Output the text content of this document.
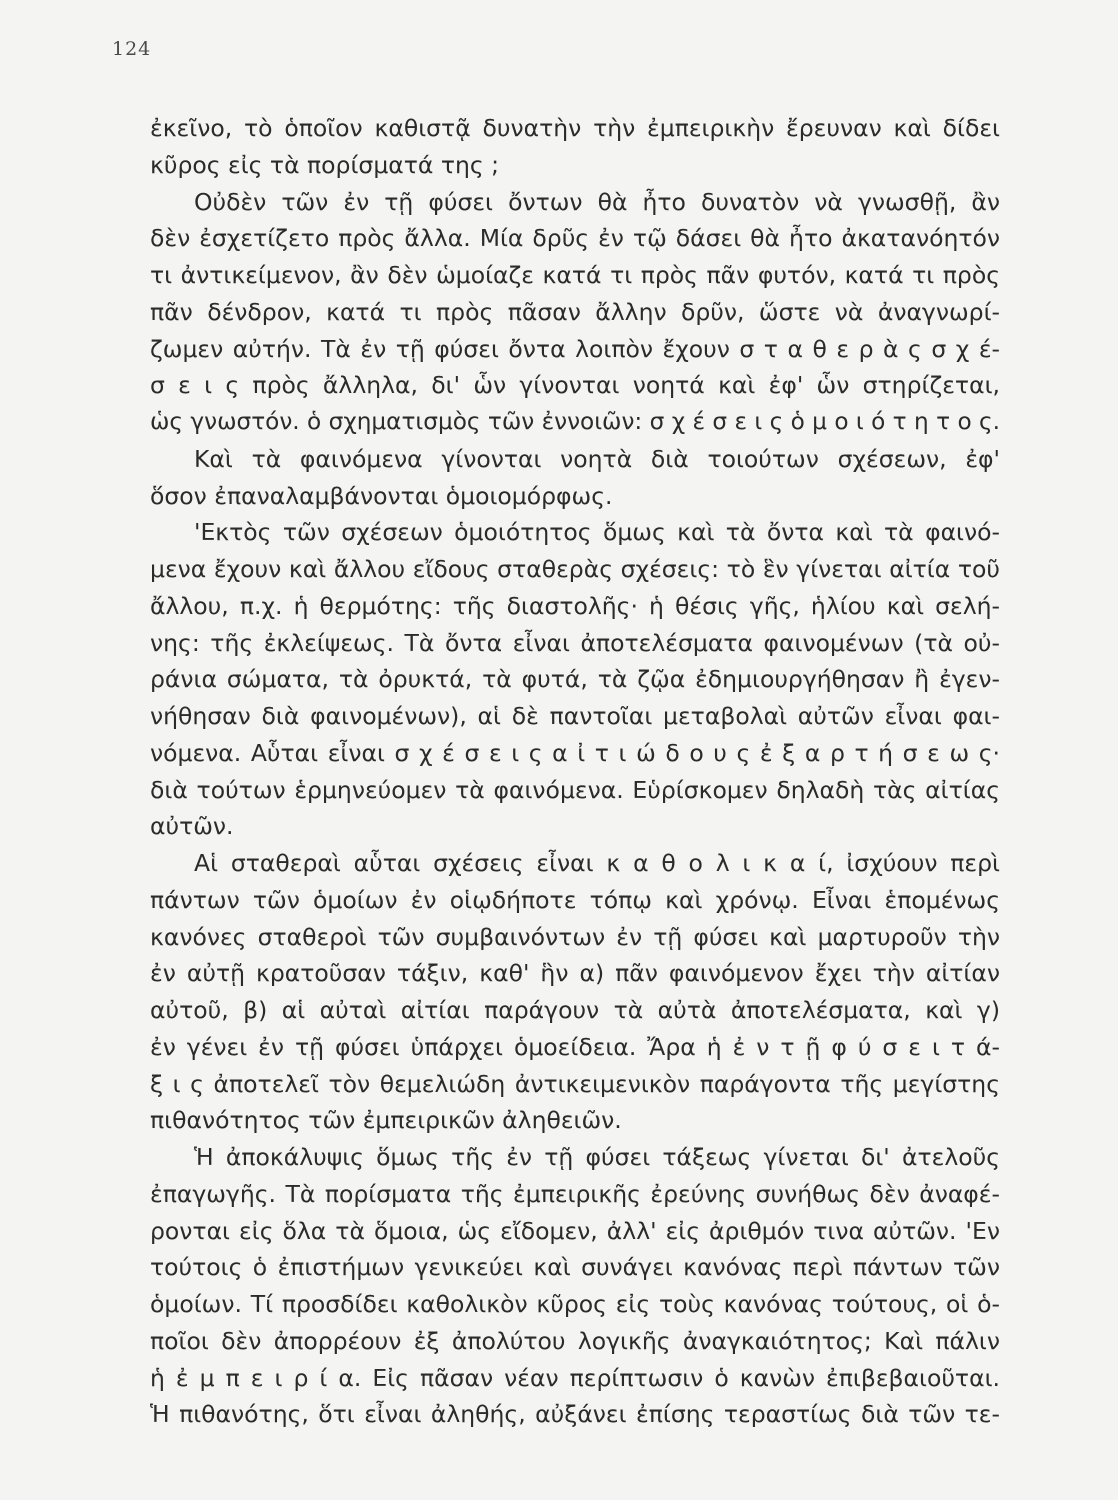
124
ἐκεῖνο, τὸ ὁποῖον καθιστᾷ δυνατὴν τὴν ἐμπειρικὴν ἔρευναν καὶ δίδει
κῦρος εἰς τὰ πορίσματά της ;
Οὐδὲν τῶν ἐν τῇ φύσει ὄντων θὰ ἦτο δυνατὸν νὰ γνωσθῇ, ἂν
δὲν ἐσχετίζετο πρὸς ἄλλα. Μία δρῦς ἐν τῷ δάσει θὰ ἦτο ἀκατανόητόν
τι ἀντικείμενον, ἂν δὲν ὡμοίαζε κατά τι πρὸς πᾶν φυτόν, κατά τι πρὸς
πᾶν δένδρον, κατά τι πρὸς πᾶσαν ἄλλην δρῦν, ὥστε νὰ ἀναγνωρί-
ζωμεν αὐτήν. Τὰ ἐν τῇ φύσει ὄντα λοιπὸν ἔχουν σ τ α θ ε ρ ὰ ς σ χ έ-
σ ε ι ς πρὸς ἄλληλα, δι' ὧν γίνονται νοητά καὶ ἐφ' ὧν στηρίζεται,
ὡς γνωστόν. ὁ σχηματισμὸς τῶν ἐννοιῶν: σ χ έ σ ε ι ς ὁ μ ο ι ό τ η τ ο ς.
Καὶ τὰ φαινόμενα γίνονται νοητὰ διὰ τοιούτων σχέσεων, ἐφ'
ὅσον ἐπαναλαμβάνονται ὁμοιομόρφως.
'Εκτὸς τῶν σχέσεων ὁμοιότητος ὅμως καὶ τὰ ὄντα καὶ τὰ φαινό-
μενα ἔχουν καὶ ἄλλου εἴδους σταθερὰς σχέσεις: τὸ ἓν γίνεται αἰτία τοῦ
ἄλλου, π.χ. ἡ θερμότης: τῆς διαστολῆς· ἡ θέσις γῆς, ἡλίου καὶ σελή-
νης: τῆς ἐκλείψεως. Τὰ ὄντα εἶναι ἀποτελέσματα φαινομένων (τὰ οὐ-
ράνια σώματα, τὰ ὀρυκτά, τὰ φυτά, τὰ ζῷα ἐδημιουργήθησαν ἢ ἐγεν-
νήθησαν διὰ φαινομένων), αἱ δὲ παντοῖαι μεταβολαὶ αὐτῶν εἶναι φαι-
νόμενα. Αὗται εἶναι σ χ έ σ ε ι ς α ἰ τ ι ώ δ ο υ ς ἐ ξ α ρ τ ή σ ε ω ς·
διὰ τούτων ἑρμηνεύομεν τὰ φαινόμενα. Εὑρίσκομεν δηλαδὴ τὰς αἰτίας
αὐτῶν.
Αἱ σταθεραὶ αὗται σχέσεις εἶναι κ α θ ο λ ι κ α ί, ἰσχύουν περὶ
πάντων τῶν ὁμοίων ἐν οἱῳδήποτε τόπῳ καὶ χρόνῳ. Εἶναι ἑπομένως
κανόνες σταθεροὶ τῶν συμβαινόντων ἐν τῇ φύσει καὶ μαρτυροῦν τὴν
ἐν αὐτῇ κρατοῦσαν τάξιν, καθ' ἣν α) πᾶν φαινόμενον ἔχει τὴν αἰτίαν
αὐτοῦ, β) αἱ αὐταὶ αἰτίαι παράγουν τὰ αὐτὰ ἀποτελέσματα, καὶ γ)
ἐν γένει ἐν τῇ φύσει ὑπάρχει ὁμοείδεια. Ἄρα ἡ ἐ ν τ ῇ φ ύ σ ε ι τ ά-
ξ ι ς ἀποτελεῖ τὸν θεμελιώδη ἀντικειμενικὸν παράγοντα τῆς μεγίστης
πιθανότητος τῶν ἐμπειρικῶν ἀληθειῶν.
Ἡ ἀποκάλυψις ὅμως τῆς ἐν τῇ φύσει τάξεως γίνεται δι' ἀτελοῦς
ἐπαγωγῆς. Τὰ πορίσματα τῆς ἐμπειρικῆς ἐρεύνης συνήθως δὲν ἀναφέ-
ρονται εἰς ὅλα τὰ ὅμοια, ὡς εἴδομεν, ἀλλ' εἰς ἀριθμόν τινα αὐτῶν. 'Εν
τούτοις ὁ ἐπιστήμων γενικεύει καὶ συνάγει κανόνας περὶ πάντων τῶν
ὁμοίων. Τί προσδίδει καθολικὸν κῦρος εἰς τοὺς κανόνας τούτους, οἱ ὁ-
ποῖοι δὲν ἀπορρέουν ἐξ ἀπολύτου λογικῆς ἀναγκαιότητος; Καὶ πάλιν
ἡ ἐ μ π ε ι ρ ί α. Εἰς πᾶσαν νέαν περίπτωσιν ὁ κανὼν ἐπιβεβαιοῦται.
Ἡ πιθανότης, ὅτι εἶναι ἀληθής, αὐξάνει ἐπίσης τεραστίως διὰ τῶν τε-
